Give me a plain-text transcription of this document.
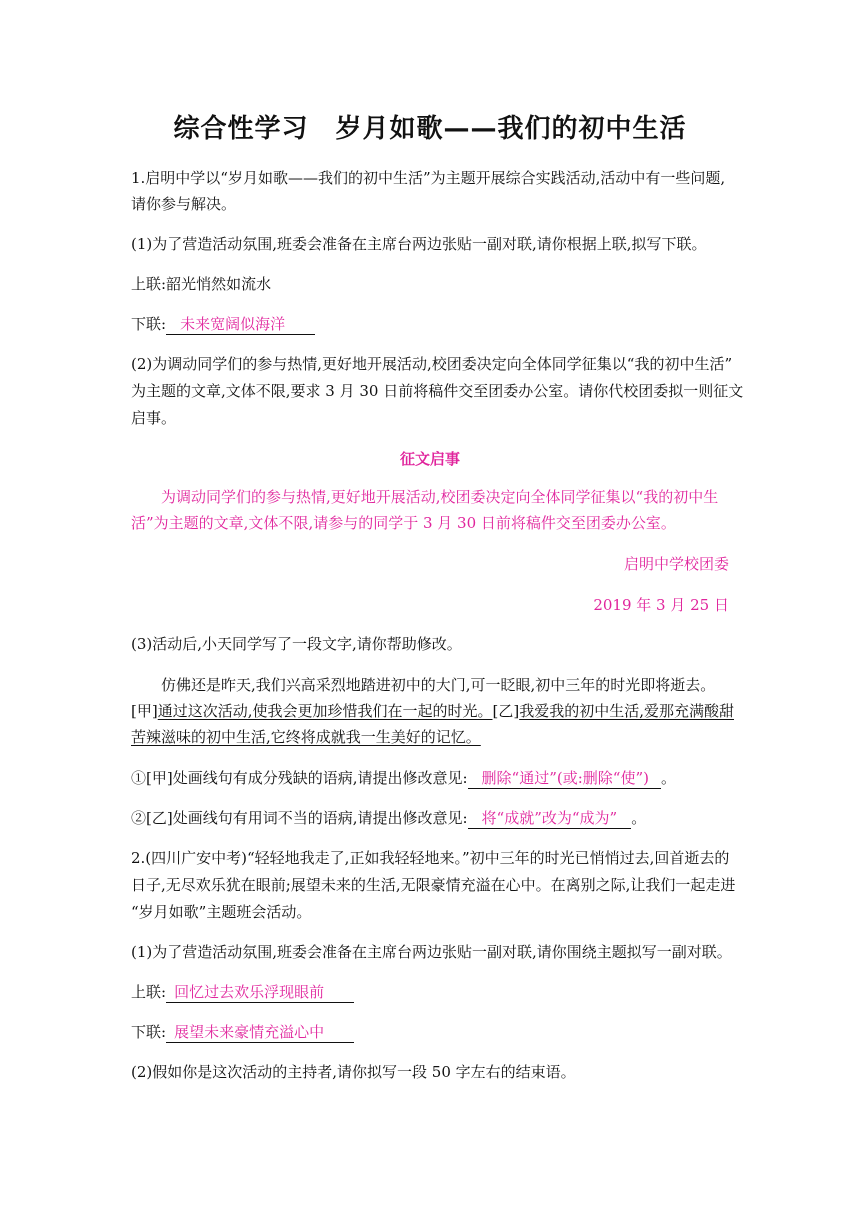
综合性学习　岁月如歌——我们的初中生活
1.启明中学以“岁月如歌——我们的初中生活”为主题开展综合实践活动,活动中有一些问题,
请你参与解决。
(1)为了营造活动氛围,班委会准备在主席台两边张贴一副对联,请你根据上联,拟写下联。
上联:韶光悄然如流水
下联: 未来宽阔似海洋
(2)为调动同学们的参与热情,更好地开展活动,校团委决定向全体同学征集以“我的初中生活”
为主题的文章,文体不限,要求 3 月 30 日前将稿件交至团委办公室。请你代校团委拟一则征文
启事。
征文启事
为调动同学们的参与热情,更好地开展活动,校团委决定向全体同学征集以“我的初中生
活”为主题的文章,文体不限,请参与的同学于 3 月 30 日前将稿件交至团委办公室。
启明中学校团委
2019 年 3 月 25 日
(3)活动后,小天同学写了一段文字,请你帮助修改。
仿佛还是昨天,我们兴高采烈地踏进初中的大门,可一眨眼,初中三年的时光即将逝去。
[甲]通过这次活动,使我会更加珍惜我们在一起的时光。[乙]我爱我的初中生活,爱那充满酸甜
苦辣滋味的初中生活,它终将成就我一生美好的记忆。
①[甲]处画线句有成分残缺的语病,请提出修改意见: 删除“通过”(或:删除“使”) 。
②[乙]处画线句有用词不当的语病,请提出修改意见: 将“成就”改为“成为” 。
2.(四川广安中考)“轻轻地我走了,正如我轻轻地来。”初中三年的时光已悄悄过去,回首逝去的
日子,无尽欢乐犹在眼前;展望未来的生活,无限豪情充溢在心中。在离别之际,让我们一起走进
“岁月如歌”主题班会活动。
(1)为了营造活动氛围,班委会准备在主席台两边张贴一副对联,请你围绕主题拟写一副对联。
上联: 回忆过去欢乐浮现眼前
下联: 展望未来豪情充溢心中
(2)假如你是这次活动的主持者,请你拟写一段 50 字左右的结束语。
